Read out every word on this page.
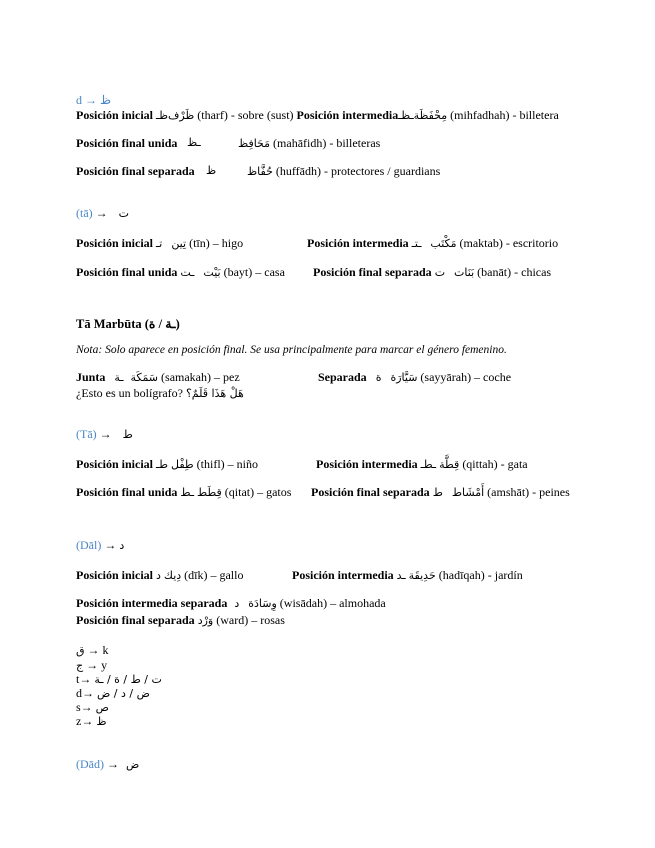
d → ظ
Posición inicial ظـظَرْف (tharf) - sobre (sust) Posición intermediaـظـمِحْفَظَة (mihfadhah) - billetera
Posición final unida ـظ	مَحَافِظ (mahāfidh) - billeteras
Posición final separada ظ	حُفَّاظ (huffādh) - protectores / guardians
(tā) → ت
Posición inicial تـ تِين (tīn) – higo	Posición intermedia ـتـ مَكْتَب (maktab) - escritorio
Posición final unida ـت بَيْت (bayt) – casa Posición final separada ت بَنَات (banāt) - chicas
Tā Marbūta (ـة / ة)
Nota: Solo aparece en posición final. Se usa principalmente para marcar el género femenino.
Junta ـة سَمَكَة (samakah) – pez	Separada ة سَيَّارَة (sayyārah) – coche
¿Esto es un bolígrafo? هَلْ هَذَا قَلَمٌ؟
(Tā) → ط
Posición inicial طـ طِفْل (thifl) – niño	Posición intermedia ـطـ قِطَّة (qittah) - gata
Posición final unida ـط قِطَط (qitat) – gatos Posición final separada ط أَمْشَاط (amshāt) - peines
(Dāl) → د
Posición inicial د دِيك (dīk) – gallo	Posición intermedia ـد حَدِيقَة (hadīqah) - jardín
Posición intermedia separada د وِسَادَة (wisādah) – almohada
Posición final separada وَرْد (ward) – rosas
ق → k
ج → y
t→ ت / ط / ة / ـة
d→ ض / د / ض
s→ ص
z→ ظ
(Dād) → ض
